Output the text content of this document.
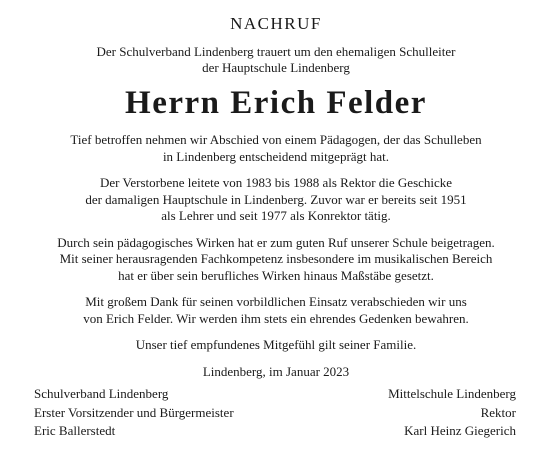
NACHRUF
Der Schulverband Lindenberg trauert um den ehemaligen Schulleiter
der Hauptschule Lindenberg
Herrn Erich Felder
Tief betroffen nehmen wir Abschied von einem Pädagogen, der das Schulleben
in Lindenberg entscheidend mitgeprägt hat.
Der Verstorbene leitete von 1983 bis 1988 als Rektor die Geschicke
der damaligen Hauptschule in Lindenberg. Zuvor war er bereits seit 1951
als Lehrer und seit 1977 als Konrektor tätig.
Durch sein pädagogisches Wirken hat er zum guten Ruf unserer Schule beigetragen.
Mit seiner herausragenden Fachkompetenz insbesondere im musikalischen Bereich
hat er über sein berufliches Wirken hinaus Maßstäbe gesetzt.
Mit großem Dank für seinen vorbildlichen Einsatz verabschieden wir uns
von Erich Felder. Wir werden ihm stets ein ehrendes Gedenken bewahren.
Unser tief empfundenes Mitgefühl gilt seiner Familie.
Lindenberg, im Januar 2023
Schulverband Lindenberg
Erster Vorsitzender und Bürgermeister
Eric Ballerstedt
Mittelschule Lindenberg
Rektor
Karl Heinz Giegerich
